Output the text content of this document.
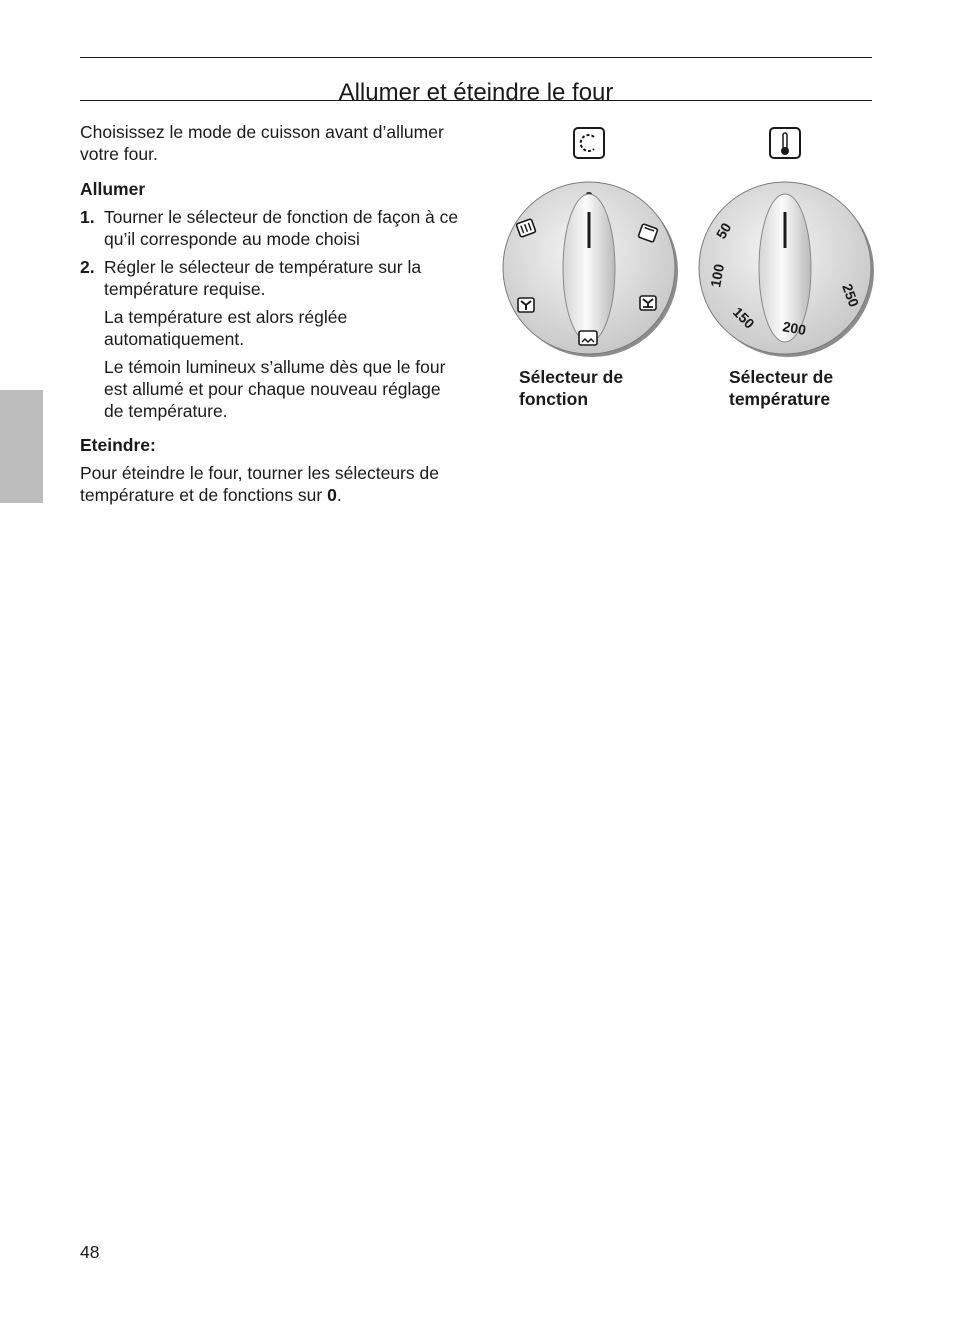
Allumer et éteindre le four

Choisissez le mode de cuisson avant d’allumer votre four.

Allumer

1. Tourner le sélecteur de fonction de façon à ce qu’il corresponde au mode choisi

2. Régler le sélecteur de température sur la température requise.

La température est alors réglée automatiquement.

Le témoin lumineux s’allume dès que le four est allumé et pour chaque nouveau réglage de température.

Eteindre:

Pour éteindre le four, tourner les sélecteurs de température et de fonctions sur 0.

50
100
150 200
250
Sélecteur de
fonction
Sélecteur de
température
48
